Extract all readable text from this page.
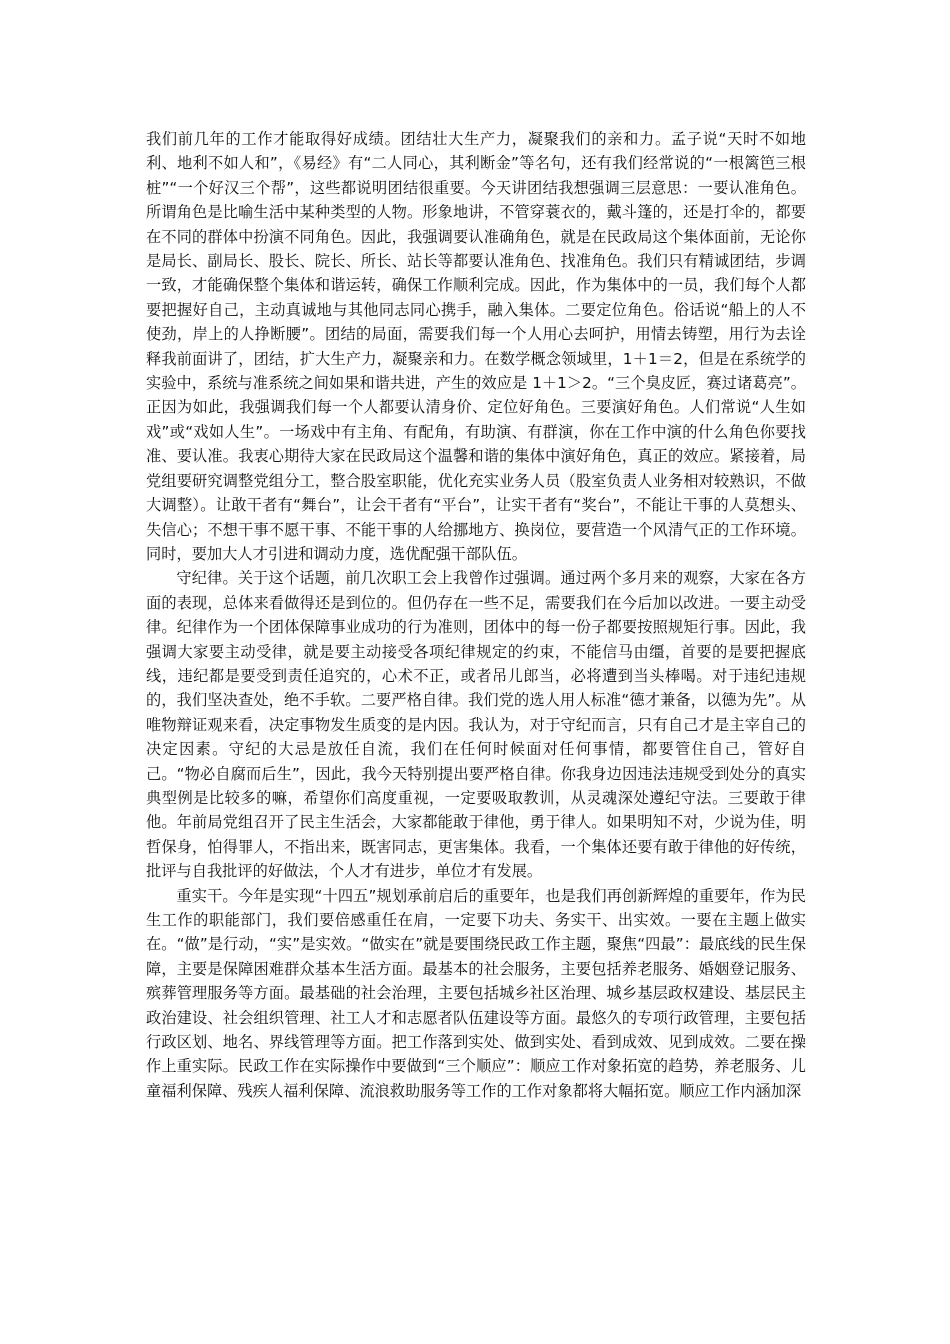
我们前几年的工作才能取得好成绩。团结壮大生产力，凝聚我们的亲和力。孟子说“天时不如地利、地利不如人和”，《易经》有“二人同心，其利断金”等名句，还有我们经常说的“一根篱笆三根桩”“一个好汉三个帮”，这些都说明团结很重要。今天讲团结我想强调三层意思：一要认准角色。所谓角色是比喻生活中某种类型的人物。形象地讲，不管穿蓑衣的，戴斗篷的，还是打伞的，都要在不同的群体中扮演不同角色。因此，我强调要认准确角色，就是在民政局这个集体面前，无论你是局长、副局长、股长、院长、所长、站长等都要认准角色、找准角色。我们只有精诚团结，步调一致，才能确保整个集体和谐运转，确保工作顺利完成。因此，作为集体中的一员，我们每个人都要把握好自己，主动真诚地与其他同志同心携手，融入集体。二要定位角色。俗话说“船上的人不使劲，岸上的人挣断腰”。团结的局面，需要我们每一个人用心去呵护，用情去铸塑，用行为去诠释我前面讲了，团结，扩大生产力，凝聚亲和力。在数学概念领域里，1＋1＝2，但是在系统学的实验中，系统与准系统之间如果和谐共进，产生的效应是 1＋1＞2。“三个臭皮匠，赛过诸葛亮”。正因为如此，我强调我们每一个人都要认清身价、定位好角色。三要演好角色。人们常说“人生如戏”或“戏如人生”。一场戏中有主角、有配角，有助演、有群演，你在工作中演的什么角色你要找准、要认准。我衷心期待大家在民政局这个温馨和谐的集体中演好角色，真正的效应。紧接着，局党组要研究调整党组分工，整合股室职能，优化充实业务人员（股室负责人业务相对较熟识，不做大调整）。让敢干者有“舞台”，让会干者有“平台”，让实干者有“奖台”，不能让干事的人莫想头、失信心；不想干事不愿干事、不能干事的人给挪地方、换岗位，要营造一个风清气正的工作环境。同时，要加大人才引进和调动力度，选优配强干部队伍。

守纪律。关于这个话题，前几次职工会上我曾作过强调。通过两个多月来的观察，大家在各方面的表现，总体来看做得还是到位的。但仍存在一些不足，需要我们在今后加以改进。一要主动受律。纪律作为一个团体保障事业成功的行为准则，团体中的每一份子都要按照规矩行事。因此，我强调大家要主动受律，就是要主动接受各项纪律规定的约束，不能信马由缰，首要的是要把握底线，违纪都是要受到责任追究的，心术不正，或者吊儿郎当，必将遭到当头棒喝。对于违纪违规的，我们坚决查处，绝不手软。二要严格自律。我们党的选人用人标准“德才兼备，以德为先”。从唯物辩证观来看，决定事物发生质变的是内因。我认为，对于守纪而言，只有自己才是主宰自己的决定因素。守纪的大忌是放任自流，我们在任何时候面对任何事情，都要管住自己，管好自己。“物必自腐而后生”，因此，我今天特别提出要严格自律。你我身边因违法违规受到处分的真实典型例是比较多的嘛，希望你们高度重视，一定要吸取教训，从灵魂深处遵纪守法。三要敢于律他。年前局党组召开了民主生活会，大家都能敢于律他，勇于律人。如果明知不对，少说为佳，明哲保身，怕得罪人，不指出来，既害同志，更害集体。我看，一个集体还要有敢于律他的好传统，批评与自我批评的好做法，个人才有进步，单位才有发展。

重实干。今年是实现“十四五”规划承前启后的重要年，也是我们再创新辉煌的重要年，作为民生工作的职能部门，我们要倍感重任在肩，一定要下功夫、务实干、出实效。一要在主题上做实在。“做”是行动，“实”是实效。“做实在”就是要围绕民政工作主题，聚焦“四最”：最底线的民生保障，主要是保障困难群众基本生活方面。最基本的社会服务，主要包括养老服务、婚姻登记服务、殡葬管理服务等方面。最基础的社会治理，主要包括城乡社区治理、城乡基层政权建设、基层民主政治建设、社会组织管理、社工人才和志愿者队伍建设等方面。最悠久的专项行政管理，主要包括行政区划、地名、界线管理等方面。把工作落到实处、做到实处、看到成效、见到成效。二要在操作上重实际。民政工作在实际操作中要做到“三个顺应”：顺应工作对象拓宽的趋势，养老服务、儿童福利保障、残疾人福利保障、流浪救助服务等工作的工作对象都将大幅拓宽。顺应工作内涵加深
